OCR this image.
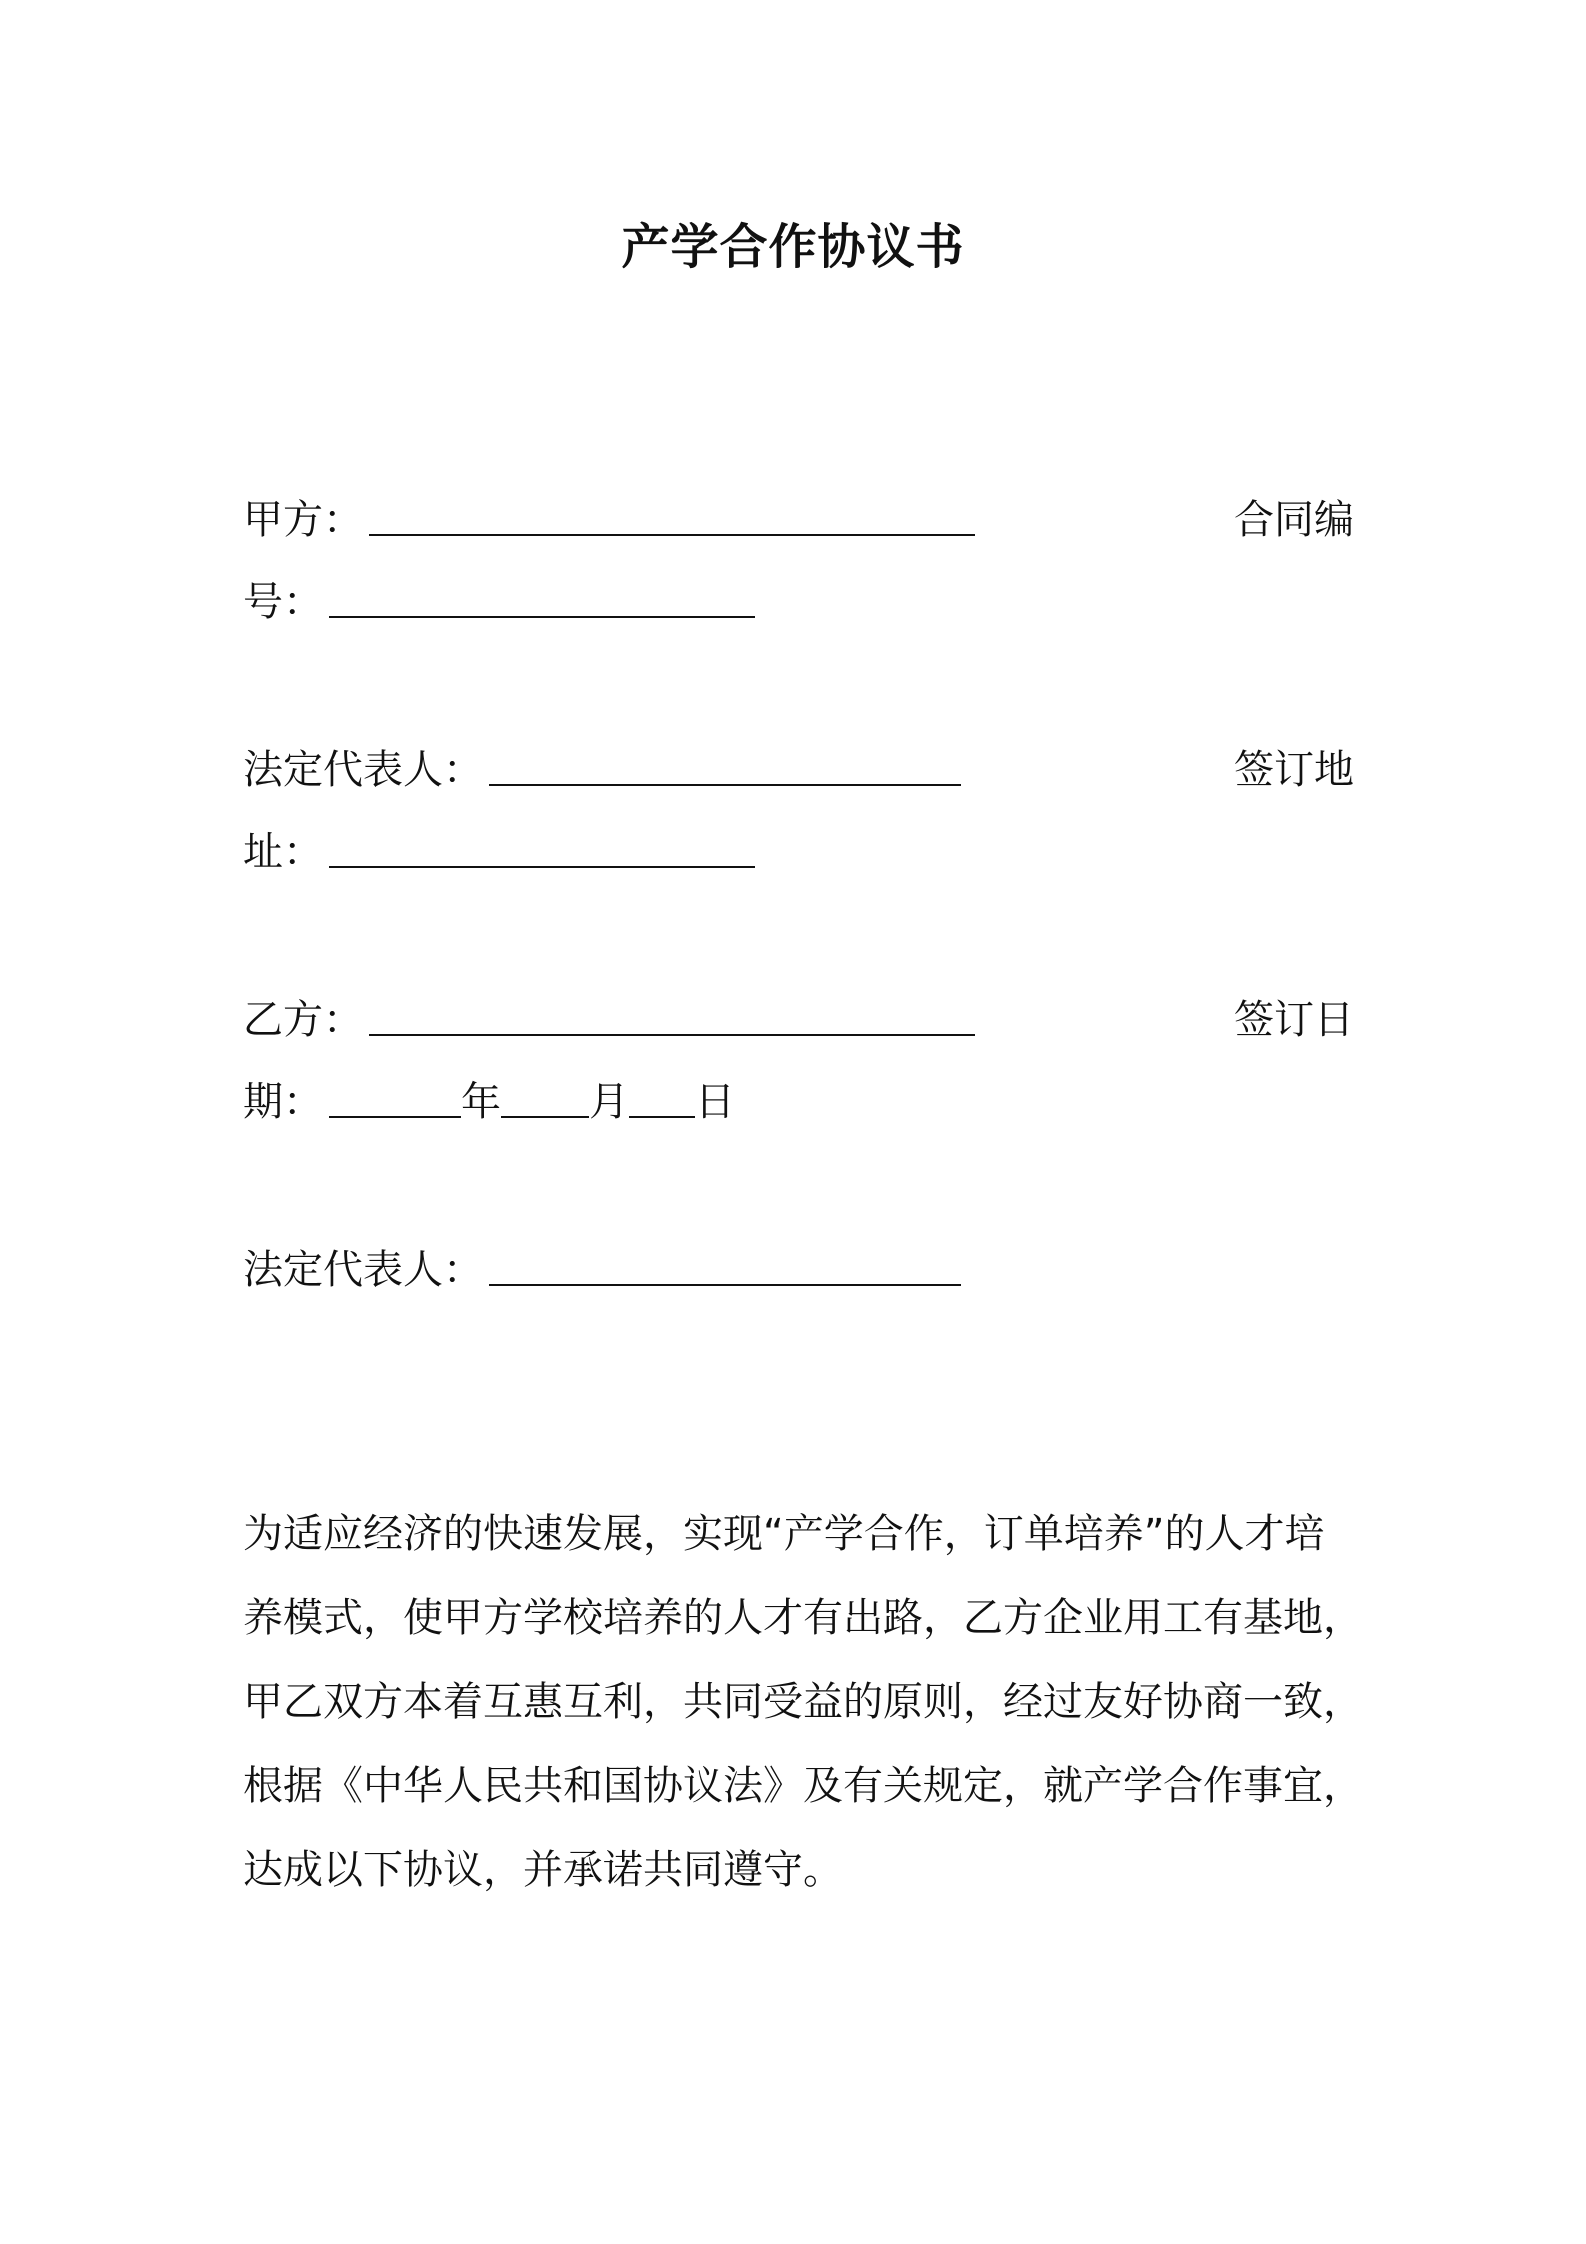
产学合作协议书
甲方：	合同编
号：
法定代表人：	签订地
址：
乙方：	签订日
期：	年 月 日
法定代表人：
为适应经济的快速发展，实现“产学合作，订单培养”的人才培
养模式，使甲方学校培养的人才有出路，乙方企业用工有基地，
甲乙双方本着互惠互利，共同受益的原则，经过友好协商一致，
根据《中华人民共和国协议法》及有关规定，就产学合作事宜，
达成以下协议，并承诺共同遵守。
